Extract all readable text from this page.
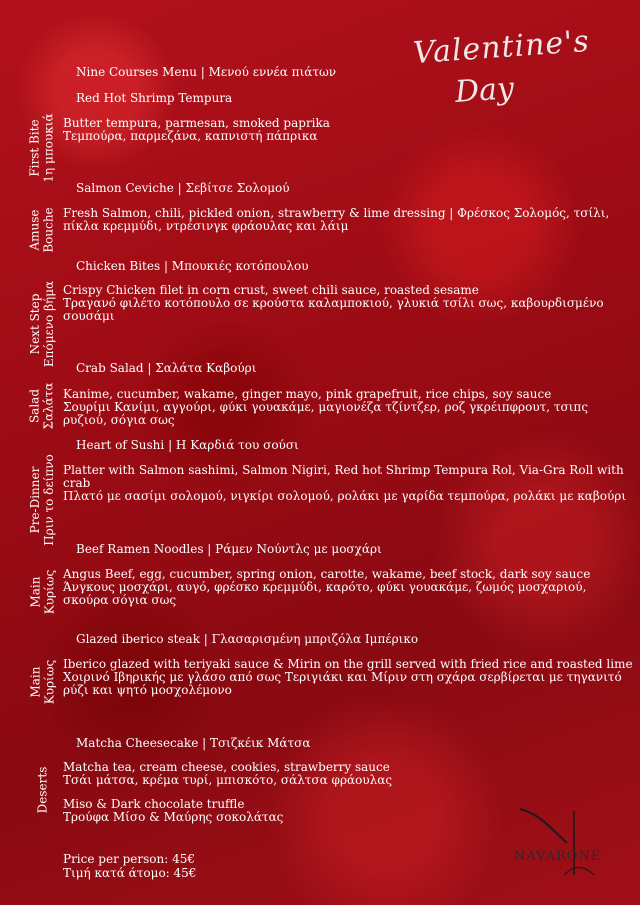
Valentine's
Day
Nine Courses Menu | Μενού εννέα πιάτων
Red Hot Shrimp Tempura
First Bite 1η μπουκιά Butter tempura, parmesan, smoked paprika
Τεμπούρα, παρμεζάνα, καπνιστή πάπρικα
Salmon Ceviche | Σεβίτσε Σολομού
Amuse Bouche Fresh Salmon, chili, pickled onion, strawberry & lime dressing | Φρέσκος Σολομός, τσίλι, πίκλα κρεμμύδι, ντρέσινγκ φράουλας και λάιμ
Chicken Bites | Μπουκιές κοτόπουλου
Next Step Επόμενο βήμα Crispy Chicken filet in corn crust, sweet chili sauce, roasted sesame
Τραγανό φιλέτο κοτόπουλο σε κρούστα καλαμποκιού, γλυκιά τσίλι σως, καβουρδισμένο σουσάμι
Crab Salad | Σαλάτα Καβούρι
Salad Σαλάτα Kanime, cucumber, wakame, ginger mayo, pink grapefruit, rice chips, soy sauce
Σουρίμι Κανίμι, αγγούρι, φύκι γουακάμε, μαγιονέζα τζίντζερ, ροζ γκρέιπφρουτ, τσιπς ρυζιού, σόγια σως
Heart of Sushi | Η Καρδιά του σούσι
Pre-Dinner Πριν το δείπνο Platter with Salmon sashimi, Salmon Nigiri, Red hot Shrimp Tempura Rol, Via-Gra Roll with crab
Πλατό με σασίμι σολομού, νιγκίρι σολομού, ρολάκι με γαρίδα τεμπούρα, ρολάκι με καβούρι
Beef Ramen Noodles | Ράμεν Νούντλς με μοσχάρι
Main Κυρίως Angus Beef, egg, cucumber, spring onion, carotte, wakame, beef stock, dark soy sauce
Άνγκους μοσχάρι, αυγό, φρέσκο κρεμμύδι, καρότο, φύκι γουακάμε, ζωμός μοσχαριού, σκούρα σόγια σως
Glazed iberico steak | Γλασαρισμένη μπριζόλα Ιμπέρικο
Main Κυρίως Iberico glazed with teriyaki sauce & Mirin on the grill served with fried rice and roasted lime
Χοιρινό Ιβηρικής με γλάσο από σως Τεριγιάκι και Μίριν στη σχάρα σερβίρεται με τηγανιτό ρύζι και ψητό μοσχολέμονο
Matcha Cheesecake | Τσιζκέικ Μάτσα
Deserts Matcha tea, cream cheese, cookies, strawberry sauce
Τσάι μάτσα, κρέμα τυρί, μπισκότο, σάλτσα φράουλας
Miso & Dark chocolate truffle
Τρούφα Μίσο & Μαύρης σοκολάτας
Price per person: 45€
Τιμή κατά άτομο: 45€
NAVARONE
